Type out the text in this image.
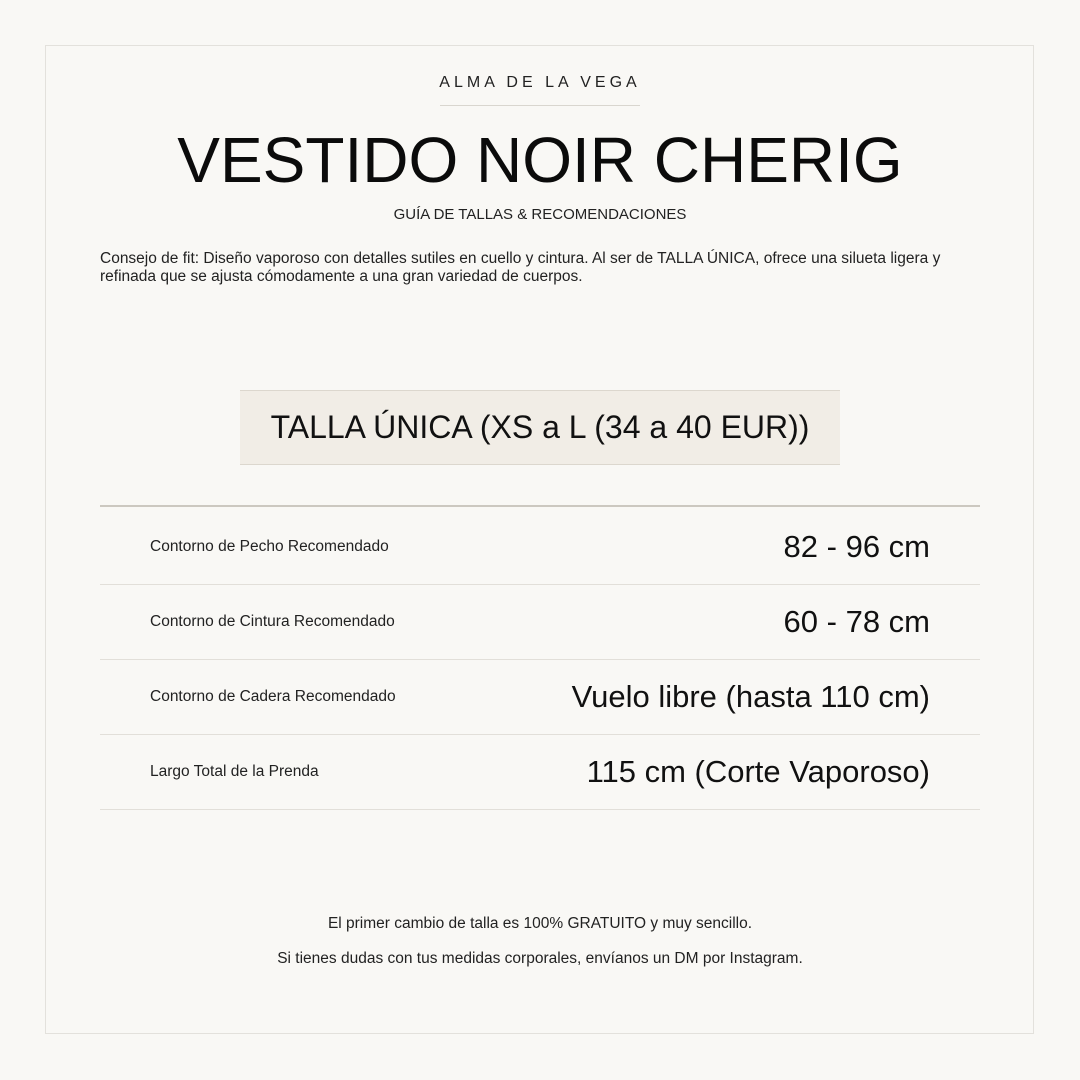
ALMA DE LA VEGA
VESTIDO NOIR CHERIG
GUÍA DE TALLAS & RECOMENDACIONES
Consejo de fit: Diseño vaporoso con detalles sutiles en cuello y cintura. Al ser de TALLA ÚNICA, ofrece una silueta ligera y refinada que se ajusta cómodamente a una gran variedad de cuerpos.
TALLA ÚNICA (XS a L (34 a 40 EUR))
Contorno de Pecho Recomendado	82 - 96 cm
Contorno de Cintura Recomendado	60 - 78 cm
Contorno de Cadera Recomendado	Vuelo libre (hasta 110 cm)
Largo Total de la Prenda	115 cm (Corte Vaporoso)
El primer cambio de talla es 100% GRATUITO y muy sencillo.
Si tienes dudas con tus medidas corporales, envíanos un DM por Instagram.
